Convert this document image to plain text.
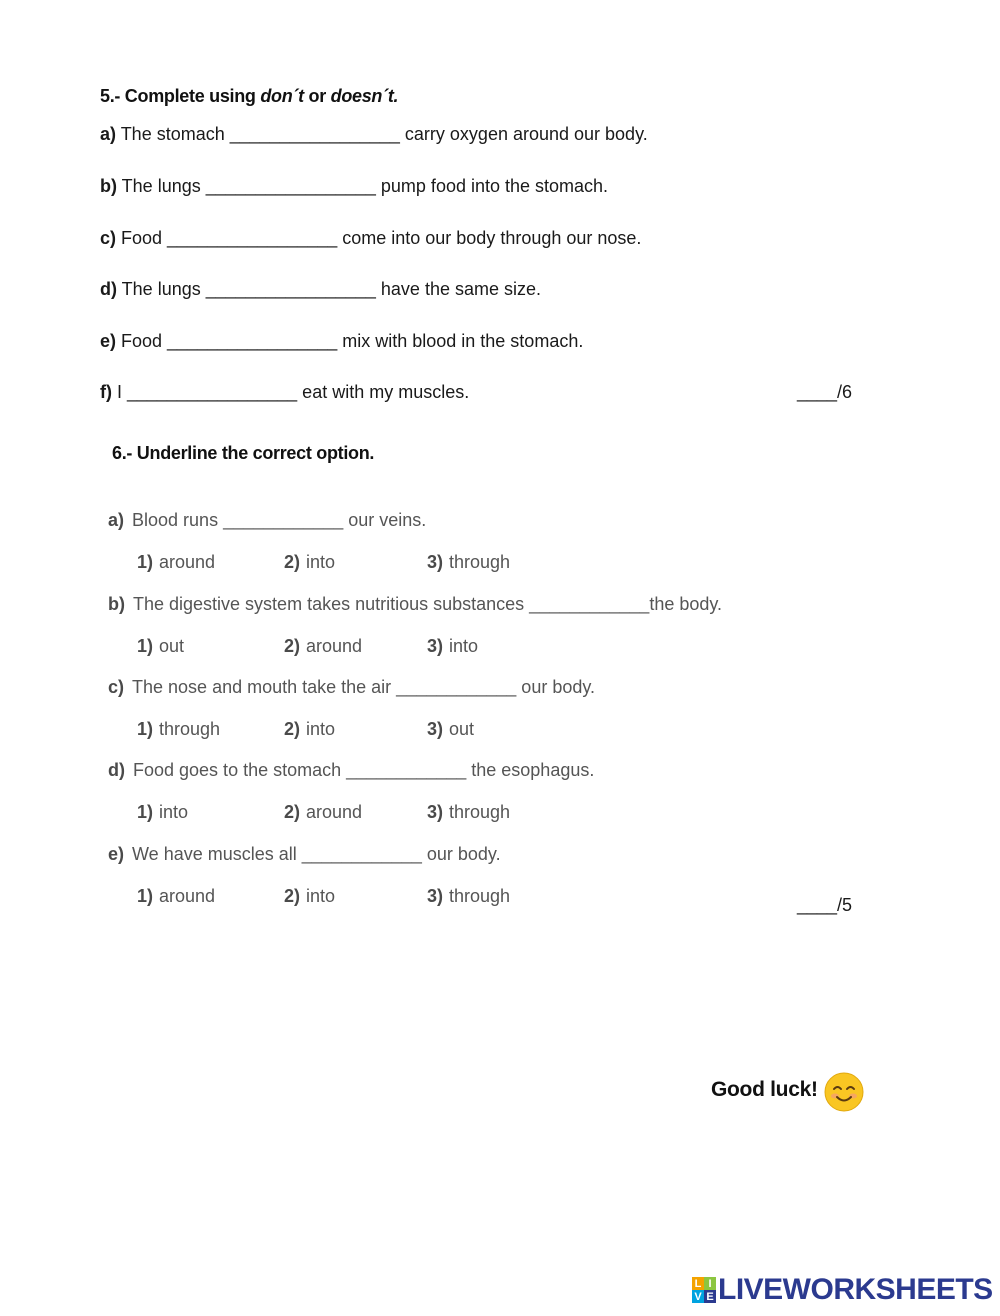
5.- Complete using don´t or doesn´t.
a) The stomach _________________ carry oxygen around our body.
b) The lungs _________________ pump food into the stomach.
c) Food _________________ come into our body through our nose.
d) The lungs _________________ have the same size.
e) Food _________________ mix with blood in the stomach.
f) I _________________ eat with my muscles.	____/6
6.- Underline the correct option.
a) Blood runs ____________ our veins.
1) around	2) into	3) through
b) The digestive system takes nutritious substances ____________the body.
1) out	2) around	3) into
c) The nose and mouth take the air ____________ our body.
1) through	2) into	3) out
d) Food goes to the stomach ____________ the esophagus.
1) into	2) around	3) through
e) We have muscles all ____________ our body.
1) around	2) into	3) through	____/5
Good luck!
L I
V E LIVEWORKSHEETS
